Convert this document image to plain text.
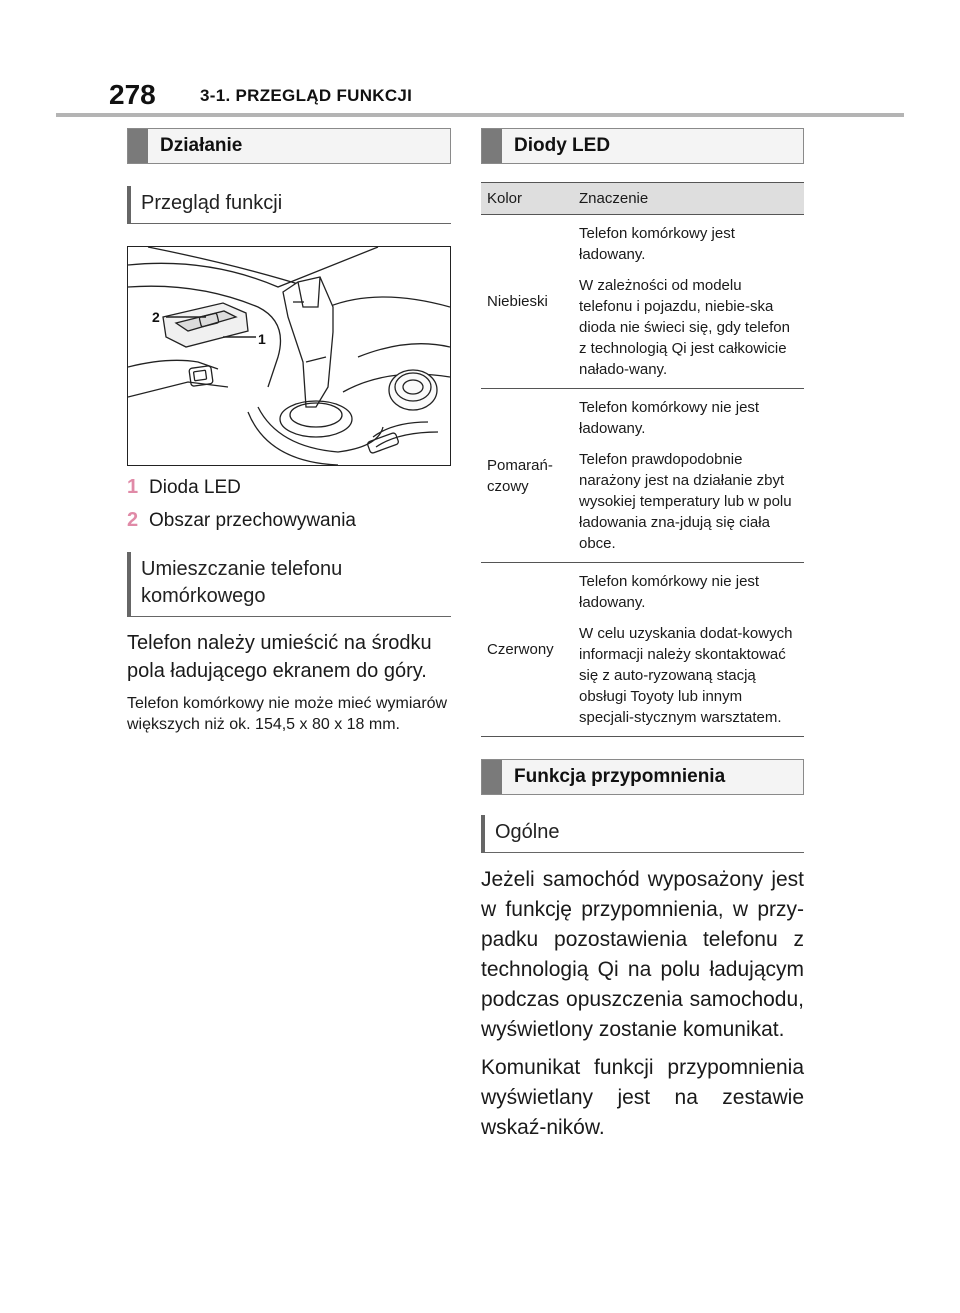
278	3-1. PRZEGLĄD FUNKCJI
Działanie
Przegląd funkcji
2
1
1 Dioda LED
2 Obszar przechowywania
Umieszczanie telefonu komórkowego
Telefon należy umieścić na środku pola ładującego ekranem do góry.
Telefon komórkowy nie może mieć wymiarów większych niż ok. 154,5 x 80 x 18 mm.
Diody LED
Kolor	Znaczenie
Niebieski	Telefon komórkowy jest ładowany.
W zależności od modelu telefonu i pojazdu, niebie-ska dioda nie świeci się, gdy telefon z technologią Qi jest całkowicie nałado-wany.

Pomarań-czowy	Telefon komórkowy nie jest ładowany.
Telefon prawdopodobnie narażony jest na działanie zbyt wysokiej temperatury lub w polu ładowania zna-jdują się ciała obce.

Czerwony	Telefon komórkowy nie jest ładowany.
W celu uzyskania dodat-kowych informacji należy skontaktować się z auto-ryzowaną stacją obsługi Toyoty lub innym specjali-stycznym warsztatem.
Funkcja przypomnienia
Ogólne
Jeżeli samochód wyposażony jest w funkcję przypomnienia, w przy-padku pozostawienia telefonu z technologią Qi na polu ładującym podczas opuszczenia samochodu, wyświetlony zostanie komunikat.
Komunikat funkcji przypomnienia wyświetlany jest na zestawie wskaź-ników.
